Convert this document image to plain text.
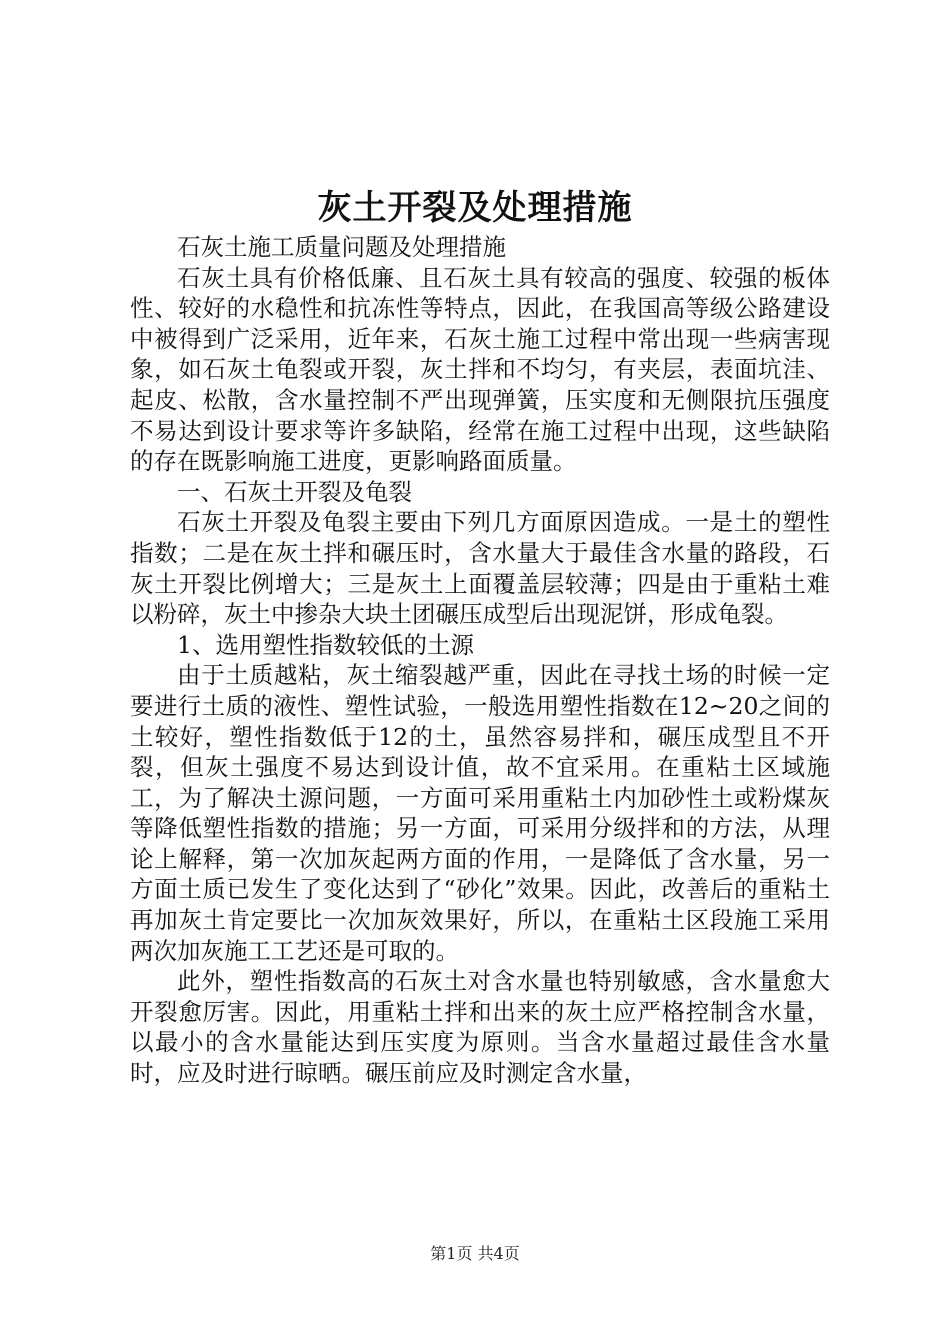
灰土开裂及处理措施

石灰土施工质量问题及处理措施

石灰土具有价格低廉、且石灰土具有较高的强度、较强的板体性、较好的水稳性和抗冻性等特点，因此，在我国高等级公路建设中被得到广泛采用，近年来，石灰土施工过程中常出现一些病害现象，如石灰土龟裂或开裂，灰土拌和不均匀，有夹层，表面坑洼、起皮、松散，含水量控制不严出现弹簧，压实度和无侧限抗压强度不易达到设计要求等许多缺陷，经常在施工过程中出现，这些缺陷的存在既影响施工进度，更影响路面质量。

一、石灰土开裂及龟裂

石灰土开裂及龟裂主要由下列几方面原因造成。一是土的塑性指数；二是在灰土拌和碾压时，含水量大于最佳含水量的路段，石灰土开裂比例增大；三是灰土上面覆盖层较薄；四是由于重粘土难以粉碎，灰土中掺杂大块土团碾压成型后出现泥饼，形成龟裂。

1、选用塑性指数较低的土源

由于土质越粘，灰土缩裂越严重，因此在寻找土场的时候一定要进行土质的液性、塑性试验，一般选用塑性指数在12~20之间的土较好，塑性指数低于12的土，虽然容易拌和，碾压成型且不开裂，但灰土强度不易达到设计值，故不宜采用。在重粘土区域施工，为了解决土源问题，一方面可采用重粘土内加砂性土或粉煤灰等降低塑性指数的措施；另一方面，可采用分级拌和的方法，从理论上解释，第一次加灰起两方面的作用，一是降低了含水量，另一方面土质已发生了变化达到了“砂化”效果。因此，改善后的重粘土再加灰土肯定要比一次加灰效果好，所以，在重粘土区段施工采用两次加灰施工工艺还是可取的。

此外，塑性指数高的石灰土对含水量也特别敏感，含水量愈大开裂愈厉害。因此，用重粘土拌和出来的灰土应严格控制含水量，以最小的含水量能达到压实度为原则。当含水量超过最佳含水量时，应及时进行晾晒。碾压前应及时测定含水量，

第1页 共4页
